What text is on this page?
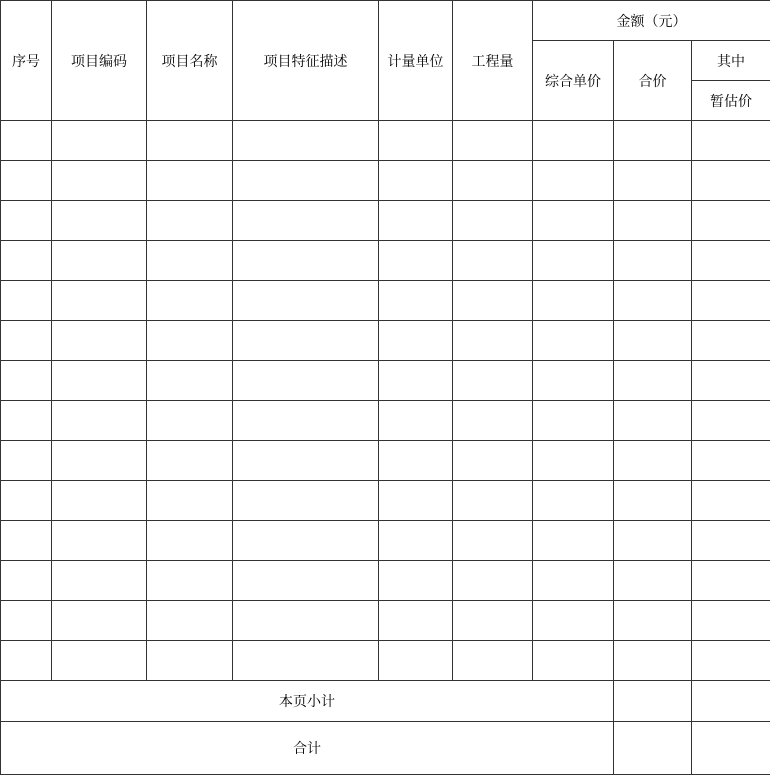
序号	项目编码	项目名称	项目特征描述	计量单位	工程量	金额（元）		
						综合单价	合价	其中
								暂估价

本页小计								
合计								
